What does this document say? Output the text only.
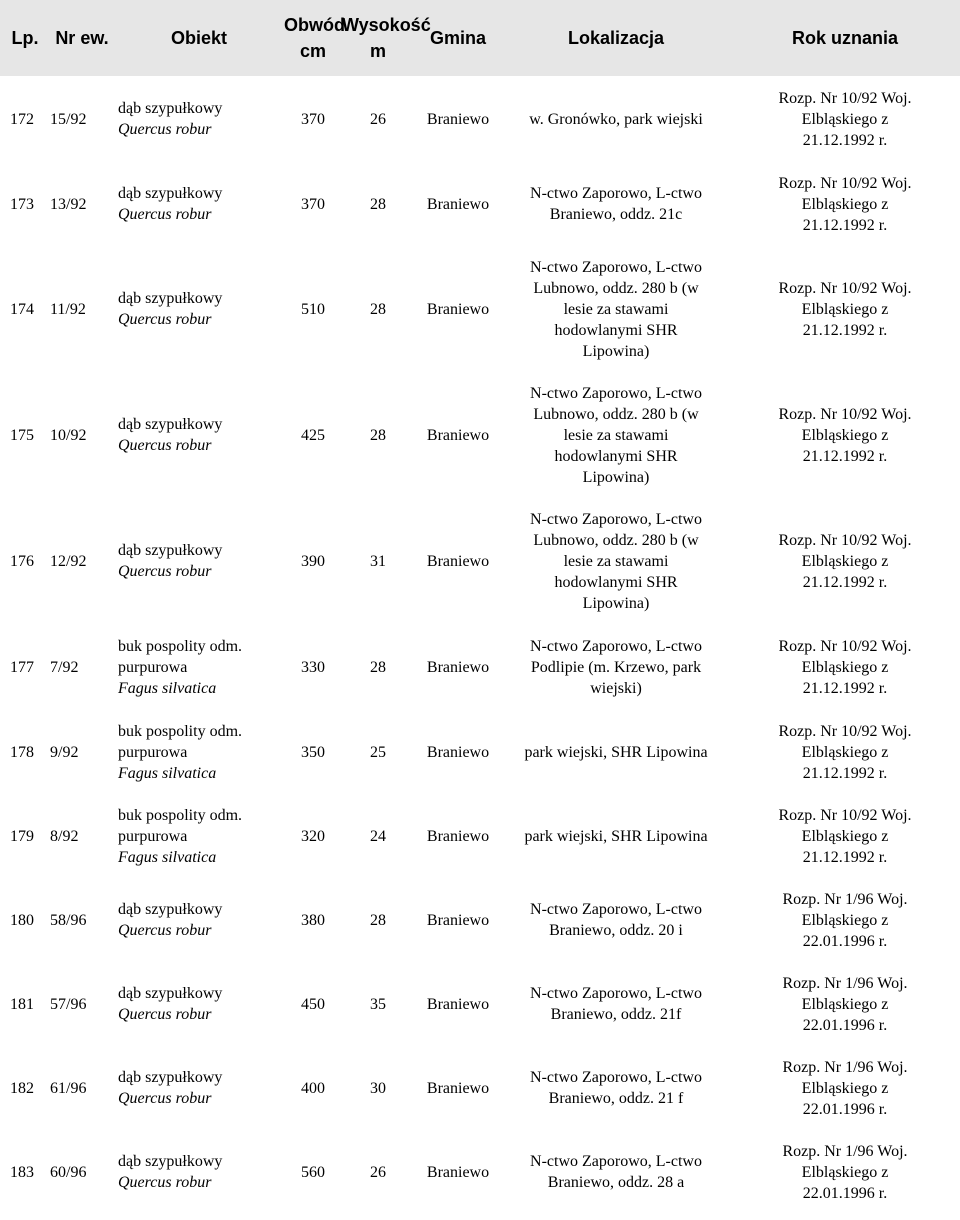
Lp.	Nr ew.	Obiekt	Obwód
cm	Wysokość
m	Gmina	Lokalizacja	Rok uznania
172	15/92	dąb szypułkowy
Quercus robur	370	26	Braniewo	w. Gronówko, park wiejski	Rozp. Nr 10/92 Woj.
Elbląskiego z
21.12.1992 r.

173	13/92	dąb szypułkowy
Quercus robur	370	28	Braniewo	N-ctwo Zaporowo, L-ctwo
Braniewo, oddz. 21c	Rozp. Nr 10/92 Woj.
Elbląskiego z
21.12.1992 r.

174	11/92	dąb szypułkowy
Quercus robur	510	28	Braniewo	N-ctwo Zaporowo, L-ctwo
Lubnowo, oddz. 280 b (w
lesie za stawami
hodowlanymi SHR
Lipowina)	Rozp. Nr 10/92 Woj.
Elbląskiego z
21.12.1992 r.

175	10/92	dąb szypułkowy
Quercus robur	425	28	Braniewo	N-ctwo Zaporowo, L-ctwo
Lubnowo, oddz. 280 b (w
lesie za stawami
hodowlanymi SHR
Lipowina)	Rozp. Nr 10/92 Woj.
Elbląskiego z
21.12.1992 r.

176	12/92	dąb szypułkowy
Quercus robur	390	31	Braniewo	N-ctwo Zaporowo, L-ctwo
Lubnowo, oddz. 280 b (w
lesie za stawami
hodowlanymi SHR
Lipowina)	Rozp. Nr 10/92 Woj.
Elbląskiego z
21.12.1992 r.

177	7/92	buk pospolity odm.
purpurowa
Fagus silvatica	330	28	Braniewo	N-ctwo Zaporowo, L-ctwo
Podlipie (m. Krzewo, park
wiejski)	Rozp. Nr 10/92 Woj.
Elbląskiego z
21.12.1992 r.

178	9/92	buk pospolity odm.
purpurowa
Fagus silvatica	350	25	Braniewo	park wiejski, SHR Lipowina	Rozp. Nr 10/92 Woj.
Elbląskiego z
21.12.1992 r.

179	8/92	buk pospolity odm.
purpurowa
Fagus silvatica	320	24	Braniewo	park wiejski, SHR Lipowina	Rozp. Nr 10/92 Woj.
Elbląskiego z
21.12.1992 r.

180	58/96	dąb szypułkowy
Quercus robur	380	28	Braniewo	N-ctwo Zaporowo, L-ctwo
Braniewo, oddz. 20 i	Rozp. Nr 1/96 Woj.
Elbląskiego z
22.01.1996 r.

181	57/96	dąb szypułkowy
Quercus robur	450	35	Braniewo	N-ctwo Zaporowo, L-ctwo
Braniewo, oddz. 21f	Rozp. Nr 1/96 Woj.
Elbląskiego z
22.01.1996 r.

182	61/96	dąb szypułkowy
Quercus robur	400	30	Braniewo	N-ctwo Zaporowo, L-ctwo
Braniewo, oddz. 21 f	Rozp. Nr 1/96 Woj.
Elbląskiego z
22.01.1996 r.

183	60/96	dąb szypułkowy
Quercus robur	560	26	Braniewo	N-ctwo Zaporowo, L-ctwo
Braniewo, oddz. 28 a	Rozp. Nr 1/96 Woj.
Elbląskiego z
22.01.1996 r.
